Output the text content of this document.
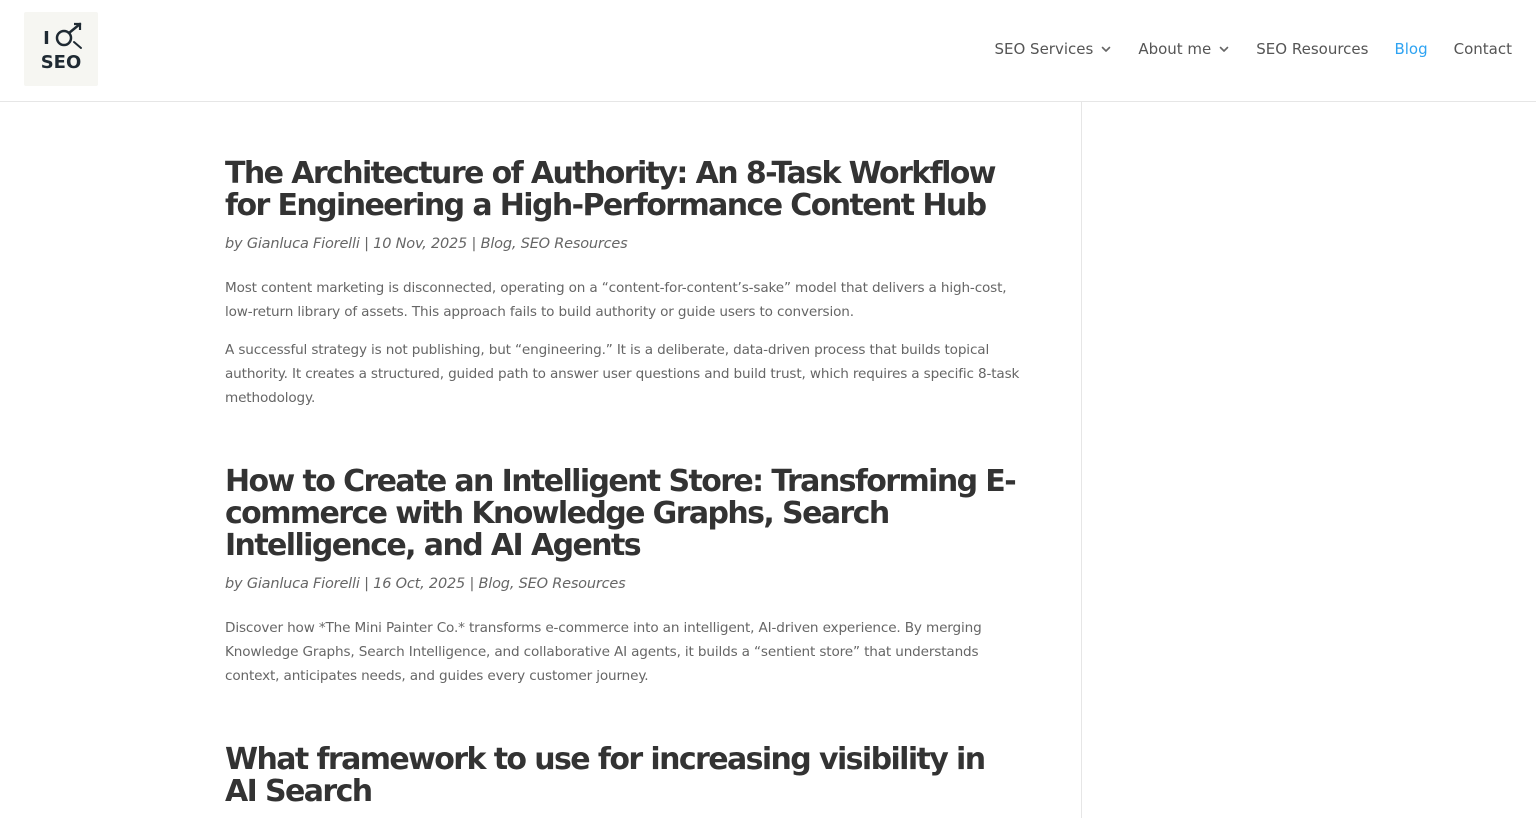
I
SEO
SEO Services	About me	SEO Resources Blog Contact
The Architecture of Authority: An 8-Task Workflow for Engineering a High-Performance Content Hub

by Gianluca Fiorelli | 10 Nov, 2025 | Blog, SEO Resources

Most content marketing is disconnected, operating on a “content-for-content’s-sake” model that delivers a high-cost, low-return library of assets. This approach fails to build authority or guide users to conversion.

A successful strategy is not publishing, but “engineering.” It is a deliberate, data-driven process that builds topical authority. It creates a structured, guided path to answer user questions and build trust, which requires a specific 8-task methodology.

How to Create an Intelligent Store: Transforming E-commerce with Knowledge Graphs, Search Intelligence, and AI Agents

by Gianluca Fiorelli | 16 Oct, 2025 | Blog, SEO Resources

Discover how *The Mini Painter Co.* transforms e-commerce into an intelligent, AI-driven experience. By merging Knowledge Graphs, Search Intelligence, and collaborative AI agents, it builds a “sentient store” that understands context, anticipates needs, and guides every customer journey.

What framework to use for increasing visibility in AI Search
